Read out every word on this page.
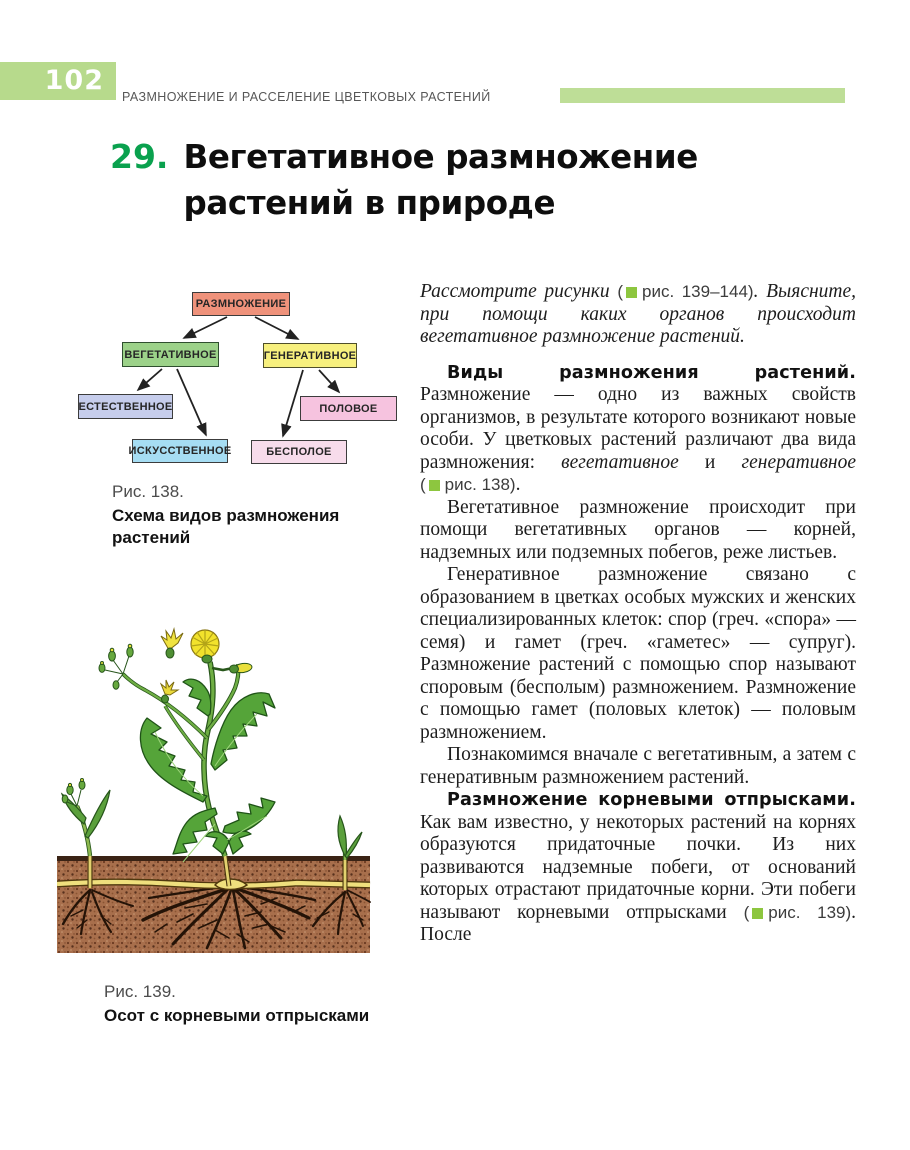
102
РАЗМНОЖЕНИЕ И РАССЕЛЕНИЕ ЦВЕТКОВЫХ РАСТЕНИЙ
29. Вегетативное размножение
растений в природе
РАЗМНОЖЕНИЕ
ВЕГЕТАТИВНОЕ	ГЕНЕРАТИВНОЕ
ЕСТЕСТВЕННОЕ
ИСКУССТВЕННОЕ
ПОЛОВОЕ
БЕСПОЛОЕ
Рис. 138.
Схема видов размножения растений
Рис. 139.
Осот с корневыми отпрысками

Рассмотрите рисунки ( рис. 139–144). Выясните, при помощи каких органов происходит вегетативное размножение растений.

Виды размножения растений. Размножение — одно из важных свойств организмов, в результате которого возникают новые особи. У цветковых растений различают два вида размножения: вегетативное и генеративное ( рис. 138).

Вегетативное размножение происходит при помощи вегетативных органов — корней, надземных или подземных побегов, реже листьев.

Генеративное размножение связано с образованием в цветках особых мужских и женских специализированных клеток: спор (греч. «спора» — семя) и гамет (греч. «гаметес» — супруг). Размножение растений с помощью спор называют споровым (бесполым) размножением. Размножение с помощью гамет (половых клеток) — половым размножением.

Познакомимся вначале с вегетативным, а затем с генеративным размножением растений.

Размножение корневыми отпрысками. Как вам известно, у некоторых растений на корнях образуются придаточные почки. Из них развиваются надземные побеги, от оснований которых отрастают придаточные корни. Эти побеги называют корневыми отпрысками ( рис. 139). После
